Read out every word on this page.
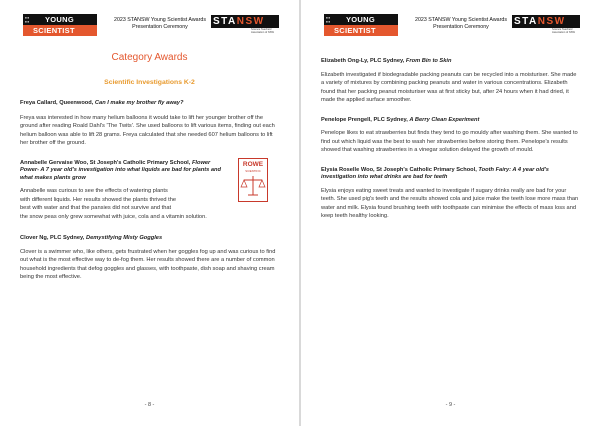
▪▪▪
▪▪▪ YOUNG
SCIENTIST
2023 STANSW Young Scientist Awards
Presentation Ceremony	STANSW
Science Teachers' Association of NSW
Category Awards
Scientific Investigations K-2

Freya Callard, Queenwood, Can I make my brother fly away?

Freya was interested in how many helium balloons it would take to lift her younger brother off the ground after reading Roald Dahl's 'The Twits'. She used balloons to lift various items, finding out each helium balloon was able to lift 28 grams. Freya calculated that she needed 607 helium balloons to lift her brother off the ground.

Annabelle Gervaise Woo, St Joseph's Catholic Primary School, Flower Power- A 7 year old's investigation into what liquids are bad for plants and what makes plants grow

Annabelle was curious to see the effects of watering plants
with different liquids. Her results showed the plants thrived the
best with water and that the pansies did not survive and that
the snow peas only grew somewhat with juice, cola and a vitamin solution.
ROWE
SCIENTIFIC

Clover Ng, PLC Sydney, Demystifying Misty Goggles

Clover is a swimmer who, like others, gets frustrated when her goggles fog up and was curious to find out what is the most effective way to de-fog them. Her results showed there are a number of common household ingredients that defog goggles and glasses, with toothpaste, dish soap and shaving cream being the most effective.

- 8 -
▪▪▪
▪▪▪ YOUNG
SCIENTIST
2023 STANSW Young Scientist Awards
Presentation Ceremony	STANSW
Science Teachers' Association of NSW

Elizabeth Ong-Ly, PLC Sydney, From Bin to Skin

Elizabeth investigated if biodegradable packing peanuts can be recycled into a moisturiser. She made a variety of mixtures by combining packing peanuts and water in various concentrations. Elizabeth found that her packing peanut moisturiser was at first sticky but, after 24 hours when it had dried, it made the applied surface smoother.

Penelope Prengell, PLC Sydney, A Berry Clean Experiment

Penelope likes to eat strawberries but finds they tend to go mouldy after washing them. She wanted to find out which liquid was the best to wash her strawberries before storing them. Penelope's results showed that washing strawberries in a vinegar solution delayed the growth of mould.

Elysia Roselle Woo, St Joseph's Catholic Primary School, Tooth Fairy: A 4 year old's investigation into what drinks are bad for teeth

Elysia enjoys eating sweet treats and wanted to investigate if sugary drinks really are bad for your teeth. She used pig's teeth and the results showed cola and juice make the teeth lose more mass than water and milk. Elysia found brushing teeth with toothpaste can minimise the effects of mass loss and keep teeth healthy looking.

- 9 -
